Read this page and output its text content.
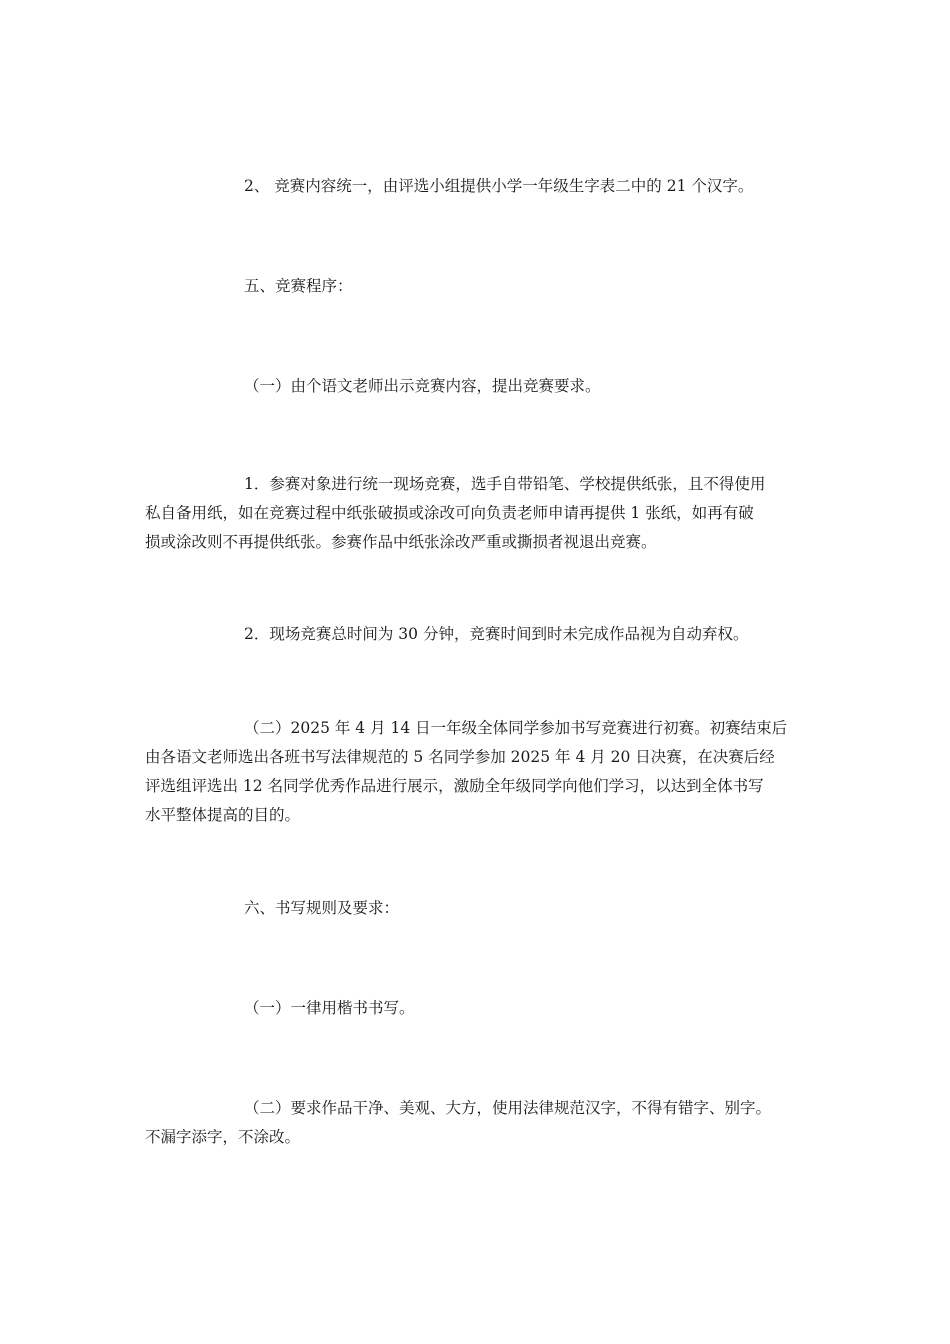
2、 竞赛内容统一，由评选小组提供小学一年级生字表二中的 21 个汉字。

五、竞赛程序：

（一）由个语文老师出示竞赛内容，提出竞赛要求。

1．参赛对象进行统一现场竞赛，选手自带铅笔、学校提供纸张，且不得使用
私自备用纸，如在竞赛过程中纸张破损或涂改可向负责老师申请再提供 1 张纸，如再有破
损或涂改则不再提供纸张。参赛作品中纸张涂改严重或撕损者视退出竞赛。

2．现场竞赛总时间为 30 分钟，竞赛时间到时未完成作品视为自动弃权。

（二）2025 年 4 月 14 日一年级全体同学参加书写竞赛进行初赛。初赛结束后
由各语文老师选出各班书写法律规范的 5 名同学参加 2025 年 4 月 20 日决赛，在决赛后经
评选组评选出 12 名同学优秀作品进行展示，激励全年级同学向他们学习，以达到全体书写
水平整体提高的目的。

六、书写规则及要求：

（一）一律用楷书书写。

（二）要求作品干净、美观、大方，使用法律规范汉字，不得有错字、别字。
不漏字添字，不涂改。
